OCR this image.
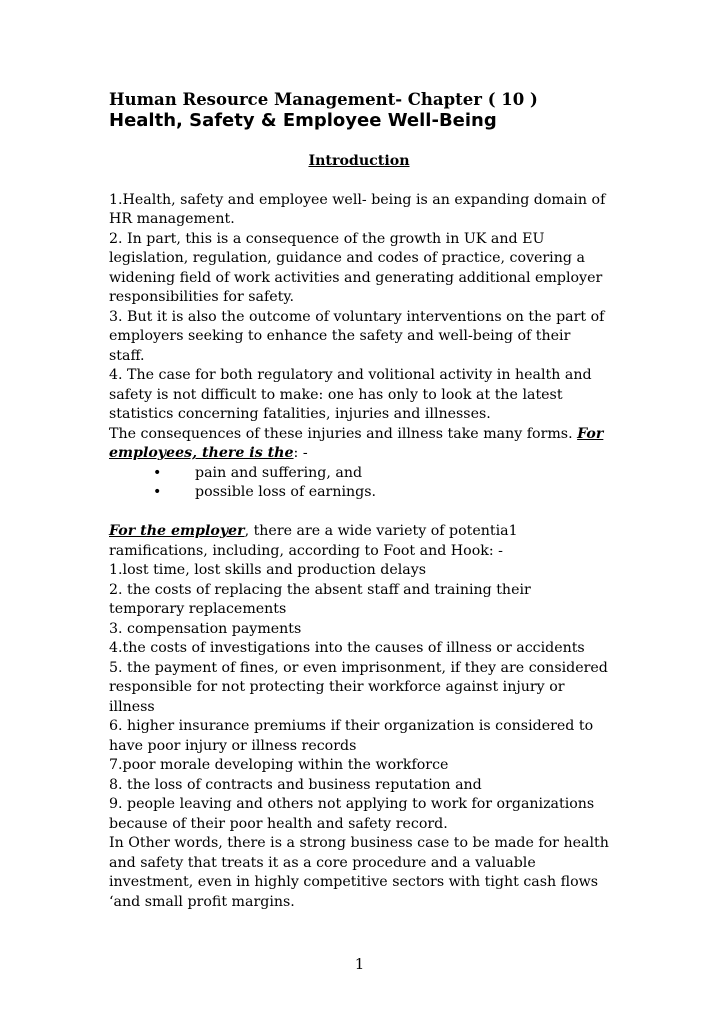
Human Resource Management- Chapter ( 10 )

Health, Safety & Employee Well-Being

Introduction

1.Health, safety and employee well- being is an expanding domain of HR management.

2. In part, this is a consequence of the growth in UK and EU legislation, regulation, guidance and codes of practice, covering a widening field of work activities and generating additional employer responsibilities for safety.

3. But it is also the outcome of voluntary interventions on the part of employers seeking to enhance the safety and well-being of their staff.

4. The case for both regulatory and volitional activity in health and safety is not difficult to make: one has only to look at the latest statistics concerning fatalities, injuries and illnesses.

The consequences of these injuries and illness take many forms. For employees, there is the: -

• pain and suffering, and
• possible loss of earnings.

For the employer, there are a wide variety of potentia1 ramifications, including, according to Foot and Hook: -

1.lost time, lost skills and production delays

2. the costs of replacing the absent staff and training their temporary replacements

3. compensation payments

4.the costs of investigations into the causes of illness or accidents

5. the payment of fines, or even imprisonment, if they are considered responsible for not protecting their workforce against injury or illness

6. higher insurance premiums if their organization is considered to have poor injury or illness records

7.poor morale developing within the workforce

8. the loss of contracts and business reputation and

9. people leaving and others not applying to work for organizations because of their poor health and safety record.

In Other words, there is a strong business case to be made for health and safety that treats it as a core procedure and a valuable investment, even in highly competitive sectors with tight cash flows ‘and small profit margins.

1
